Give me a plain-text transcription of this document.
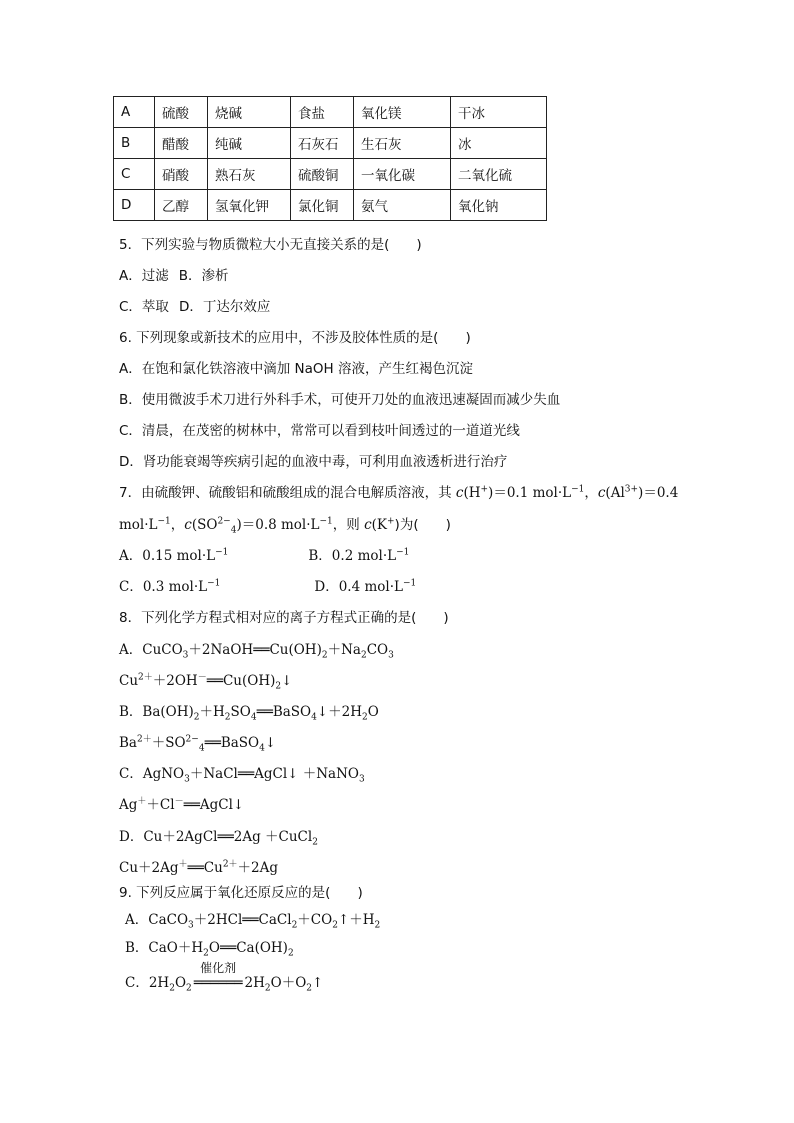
A	硫酸	烧碱	食盐	氧化镁	干冰
B	醋酸	纯碱	石灰石	生石灰	冰
C	硝酸	熟石灰	硫酸铜	一氧化碳	二氧化硫
D	乙醇	氢氧化钾	氯化铜	氨气	氧化钠
5．下列实验与物质微粒大小无直接关系的是(　　)
A．过滤 B．渗析
C．萃取 D．丁达尔效应
6. 下列现象或新技术的应用中，不涉及胶体性质的是(　　)
A．在饱和氯化铁溶液中滴加 NaOH 溶液，产生红褐色沉淀
B．使用微波手术刀进行外科手术，可使开刀处的血液迅速凝固而减少失血
C．清晨，在茂密的树林中，常常可以看到枝叶间透过的一道道光线
D．肾功能衰竭等疾病引起的血液中毒，可利用血液透析进行治疗
7．由硫酸钾、硫酸铝和硫酸组成的混合电解质溶液，其 c(H+)＝0.1 $mol\cdot L^{-1}$，$c(Al^{3+})=0.4$
$mol\cdot L^{-1}$，$c(SO^{2-}_4)=0.8$ $mol\cdot L^{-1}$，则 c(K+)为(　　)
A．0.15 $mol\cdot L^{-1}$	B．0.2 $mol\cdot L^{-1}$
C．0.3 $mol\cdot L^{-1}$	D．0.4 $mol\cdot L^{-1}$
8．下列化学方程式相对应的离子方程式正确的是(　　)
A．$CuCO_3+2NaOH══Cu(OH)_2+Na_2CO_3$
$Cu^{2+}+2OH^-══Cu(OH)_2↓$
B．$Ba(OH)_2+H_2SO_4══BaSO_4↓+2H_2O$
$Ba^{2+}+SO^{2-}_4══BaSO_4↓$
C．AgNO$_3$＋NaCl══AgCl↓ ＋NaNO$_3$
Ag＋＋Cl－══AgCl↓
D．Cu＋2AgCl══2Ag ＋CuCl$_2$
$Cu+2Ag^+══Cu^{2+}+2Ag$
9. 下列反应属于氧化还原反应的是(　　)
A．$CaCO_3+2HCl══CaCl_2+CO_2↑+H_2$
B．$CaO+H_2O══Ca(OH)_2$
C．$2H_2O_2$
催化剂
══════ $2H_2O+O_2↑$
